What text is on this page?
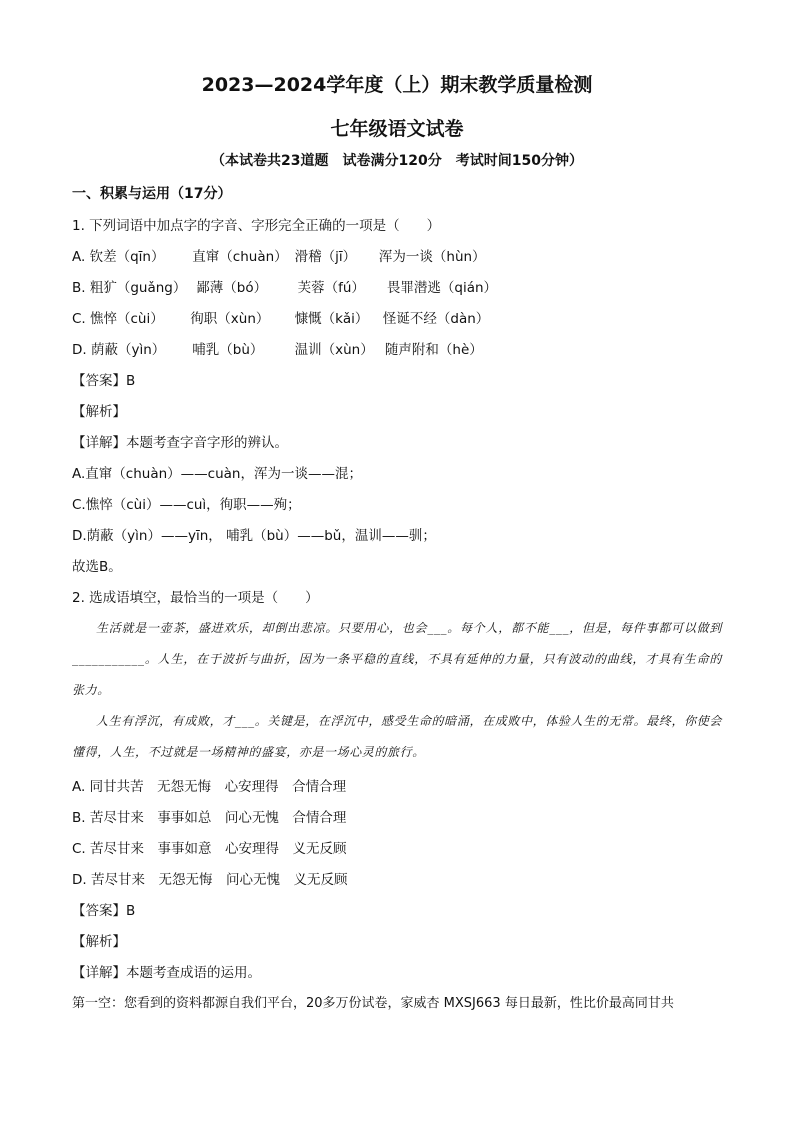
2023—2024学年度（上）期末教学质量检测
七年级语文试卷
（本试卷共23道题　试卷满分120分　考试时间150分钟）
一、积累与运用（17分）
1. 下列词语中加点字的字音、字形完全正确的一项是（　　）
A. 钦差（qīn） 直窜（chuàn） 滑稽（jī） 浑为一谈（hùn）
B. 粗犷（guǎng） 鄙薄（bó） 芙蓉（fú） 畏罪潜逃（qián）
C. 憔悴（cùi） 徇职（xùn） 慷慨（kǎi） 怪诞不经（dàn）
D. 荫蔽（yìn） 哺乳（bù） 温训（xùn） 随声附和（hè）
【答案】B
【解析】
【详解】本题考查字音字形的辨认。
A.直窜（chuàn）——cuàn，浑为一谈——混；
C.憔悴（cùi）——cuì，徇职——殉；
D.荫蔽（yìn）——yīn， 哺乳（bù）——bǔ，温训——驯；
故选B。
2. 选成语填空，最恰当的一项是（　　）
生活就是一壶茶，盛进欢乐，却倒出悲凉。只要用心，也会___。每个人，都不能___，但是，每件事都可以做到___________。人生，在于波折与曲折，因为一条平稳的直线，不具有延伸的力量，只有波动的曲线，才具有生命的张力。
人生有浮沉，有成败，才___。关键是，在浮沉中，感受生命的暗涌，在成败中，体验人生的无常。最终，你使会懂得，人生，不过就是一场精神的盛宴，亦是一场心灵的旅行。
A. 同甘共苦　无怨无悔　心安理得　合情合理
B. 苦尽甘来　事事如总　问心无愧　合情合理
C. 苦尽甘来　事事如意　心安理得　义无反顾
D. 苦尽甘来　无怨无悔　问心无愧　义无反顾
【答案】B
【解析】
【详解】本题考查成语的运用。
第一空：您看到的资料都源自我们平台，20多万份试卷，家威杏 MXSJ663 每日最新，性比价最高同甘共
